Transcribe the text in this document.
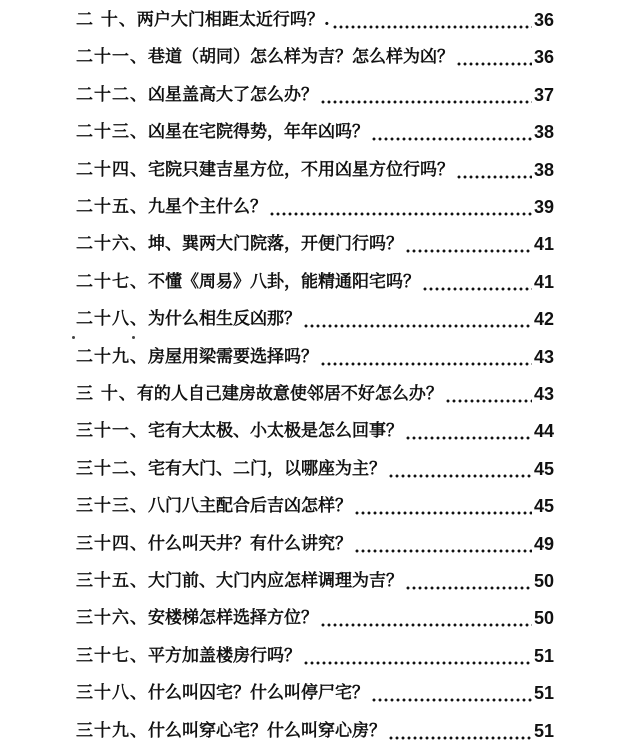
二 十、 两户大门相距太近行吗？.	36
二十一、 巷道（胡同）怎么样为吉？怎么样为凶？	36
二十二、 凶星盖高大了怎么办？	37
二十三、 凶星在宅院得势，年年凶吗？	38
二十四、 宅院只建吉星方位，不用凶星方位行吗？	38
二十五、 九星个主什么？	39
二十六、 坤、巽两大门院落，开便门行吗？	41
二十七、 不懂《周易》八卦，能精通阳宅吗？	41
二十八、 为什么相生反凶那？	42
二十九、 房屋用梁需要选择吗？	43
三 十、 有的人自己建房故意使邻居不好怎么办？	43
三十一、 宅有大太极、小太极是怎么回事？	44
三十二、 宅有大门、二门，以哪座为主？	45
三十三、 八门八主配合后吉凶怎样？	45
三十四、 什么叫天井？有什么讲究？	49
三十五、 大门前、大门内应怎样调理为吉？	50
三十六、 安楼梯怎样选择方位？	50
三十七、 平方加盖楼房行吗？	51
三十八、 什么叫囚宅？什么叫停尸宅？	51
三十九、 什么叫穿心宅？什么叫穿心房？	51
